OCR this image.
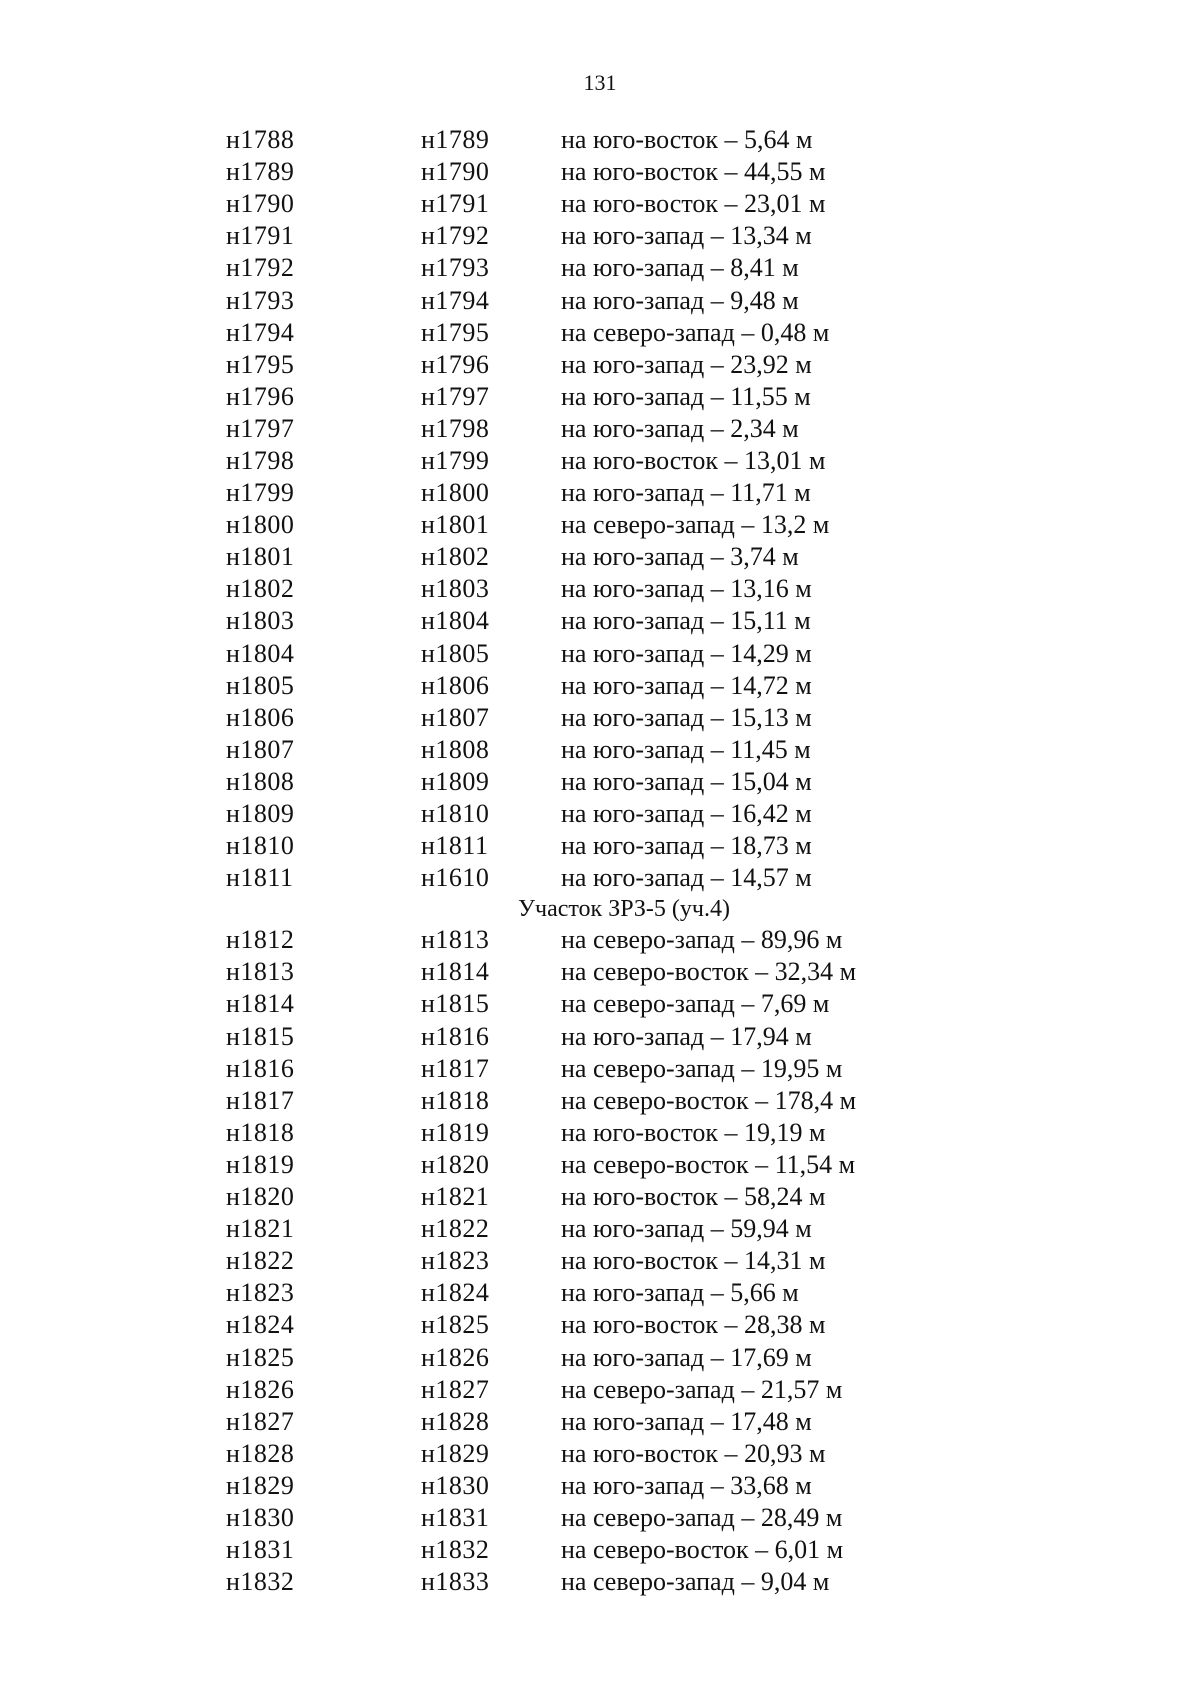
131
н1788	н1789	на юго-восток – 5,64 м
н1789	н1790	на юго-восток – 44,55 м
н1790	н1791	на юго-восток – 23,01 м
н1791	н1792	на юго-запад – 13,34 м
н1792	н1793	на юго-запад – 8,41 м
н1793	н1794	на юго-запад – 9,48 м
н1794	н1795	на северо-запад – 0,48 м
н1795	н1796	на юго-запад – 23,92 м
н1796	н1797	на юго-запад – 11,55 м
н1797	н1798	на юго-запад – 2,34 м
н1798	н1799	на юго-восток – 13,01 м
н1799	н1800	на юго-запад – 11,71 м
н1800	н1801	на северо-запад – 13,2 м
н1801	н1802	на юго-запад – 3,74 м
н1802	н1803	на юго-запад – 13,16 м
н1803	н1804	на юго-запад – 15,11 м
н1804	н1805	на юго-запад – 14,29 м
н1805	н1806	на юго-запад – 14,72 м
н1806	н1807	на юго-запад – 15,13 м
н1807	н1808	на юго-запад – 11,45 м
н1808	н1809	на юго-запад – 15,04 м
н1809	н1810	на юго-запад – 16,42 м
н1810	н1811	на юго-запад – 18,73 м
н1811	н1610	на юго-запад – 14,57 м
Участок ЗРЗ-5 (уч.4)
н1812	н1813	на северо-запад – 89,96 м
н1813	н1814	на северо-восток – 32,34 м
н1814	н1815	на северо-запад – 7,69 м
н1815	н1816	на юго-запад – 17,94 м
н1816	н1817	на северо-запад – 19,95 м
н1817	н1818	на северо-восток – 178,4 м
н1818	н1819	на юго-восток – 19,19 м
н1819	н1820	на северо-восток – 11,54 м
н1820	н1821	на юго-восток – 58,24 м
н1821	н1822	на юго-запад – 59,94 м
н1822	н1823	на юго-восток – 14,31 м
н1823	н1824	на юго-запад – 5,66 м
н1824	н1825	на юго-восток – 28,38 м
н1825	н1826	на юго-запад – 17,69 м
н1826	н1827	на северо-запад – 21,57 м
н1827	н1828	на юго-запад – 17,48 м
н1828	н1829	на юго-восток – 20,93 м
н1829	н1830	на юго-запад – 33,68 м
н1830	н1831	на северо-запад – 28,49 м
н1831	н1832	на северо-восток – 6,01 м
н1832	н1833	на северо-запад – 9,04 м
